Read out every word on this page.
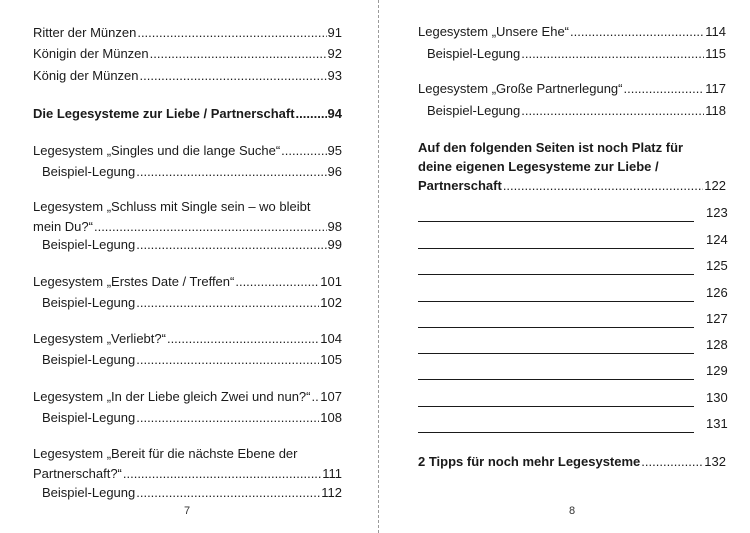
Ritter der Münzen .....	91
Königin der Münzen .....	92
König der Münzen .....	93
Die Legesysteme zur Liebe / Partnerschaft .....	94
Legesystem „Singles und die lange Suche“ .....	95
Beispiel-Legung .....	96
Legesystem „Schluss mit Single sein – wo bleibt
mein Du?“ .....	98
Beispiel-Legung .....	99
Legesystem „Erstes Date / Treffen“ .....	101
Beispiel-Legung .....	102
Legesystem „Verliebt?“ .....	104
Beispiel-Legung .....	105
Legesystem „In der Liebe gleich Zwei und nun?“ ..... 107
Beispiel-Legung .....	108
Legesystem „Bereit für die nächste Ebene der
Partnerschaft?“ .....	111
Beispiel-Legung .....	112
7
Legesystem „Unsere Ehe“ .....	114
Beispiel-Legung .....	115
Legesystem „Große Partnerlegung“ .....	117
Beispiel-Legung .....	118
Auf den folgenden Seiten ist noch Platz für
deine eigenen Legesysteme zur Liebe /
Partnerschaft .....	122
123
124
125
126
127
128
129
130
131
2 Tipps für noch mehr Legesysteme .....	132
8
